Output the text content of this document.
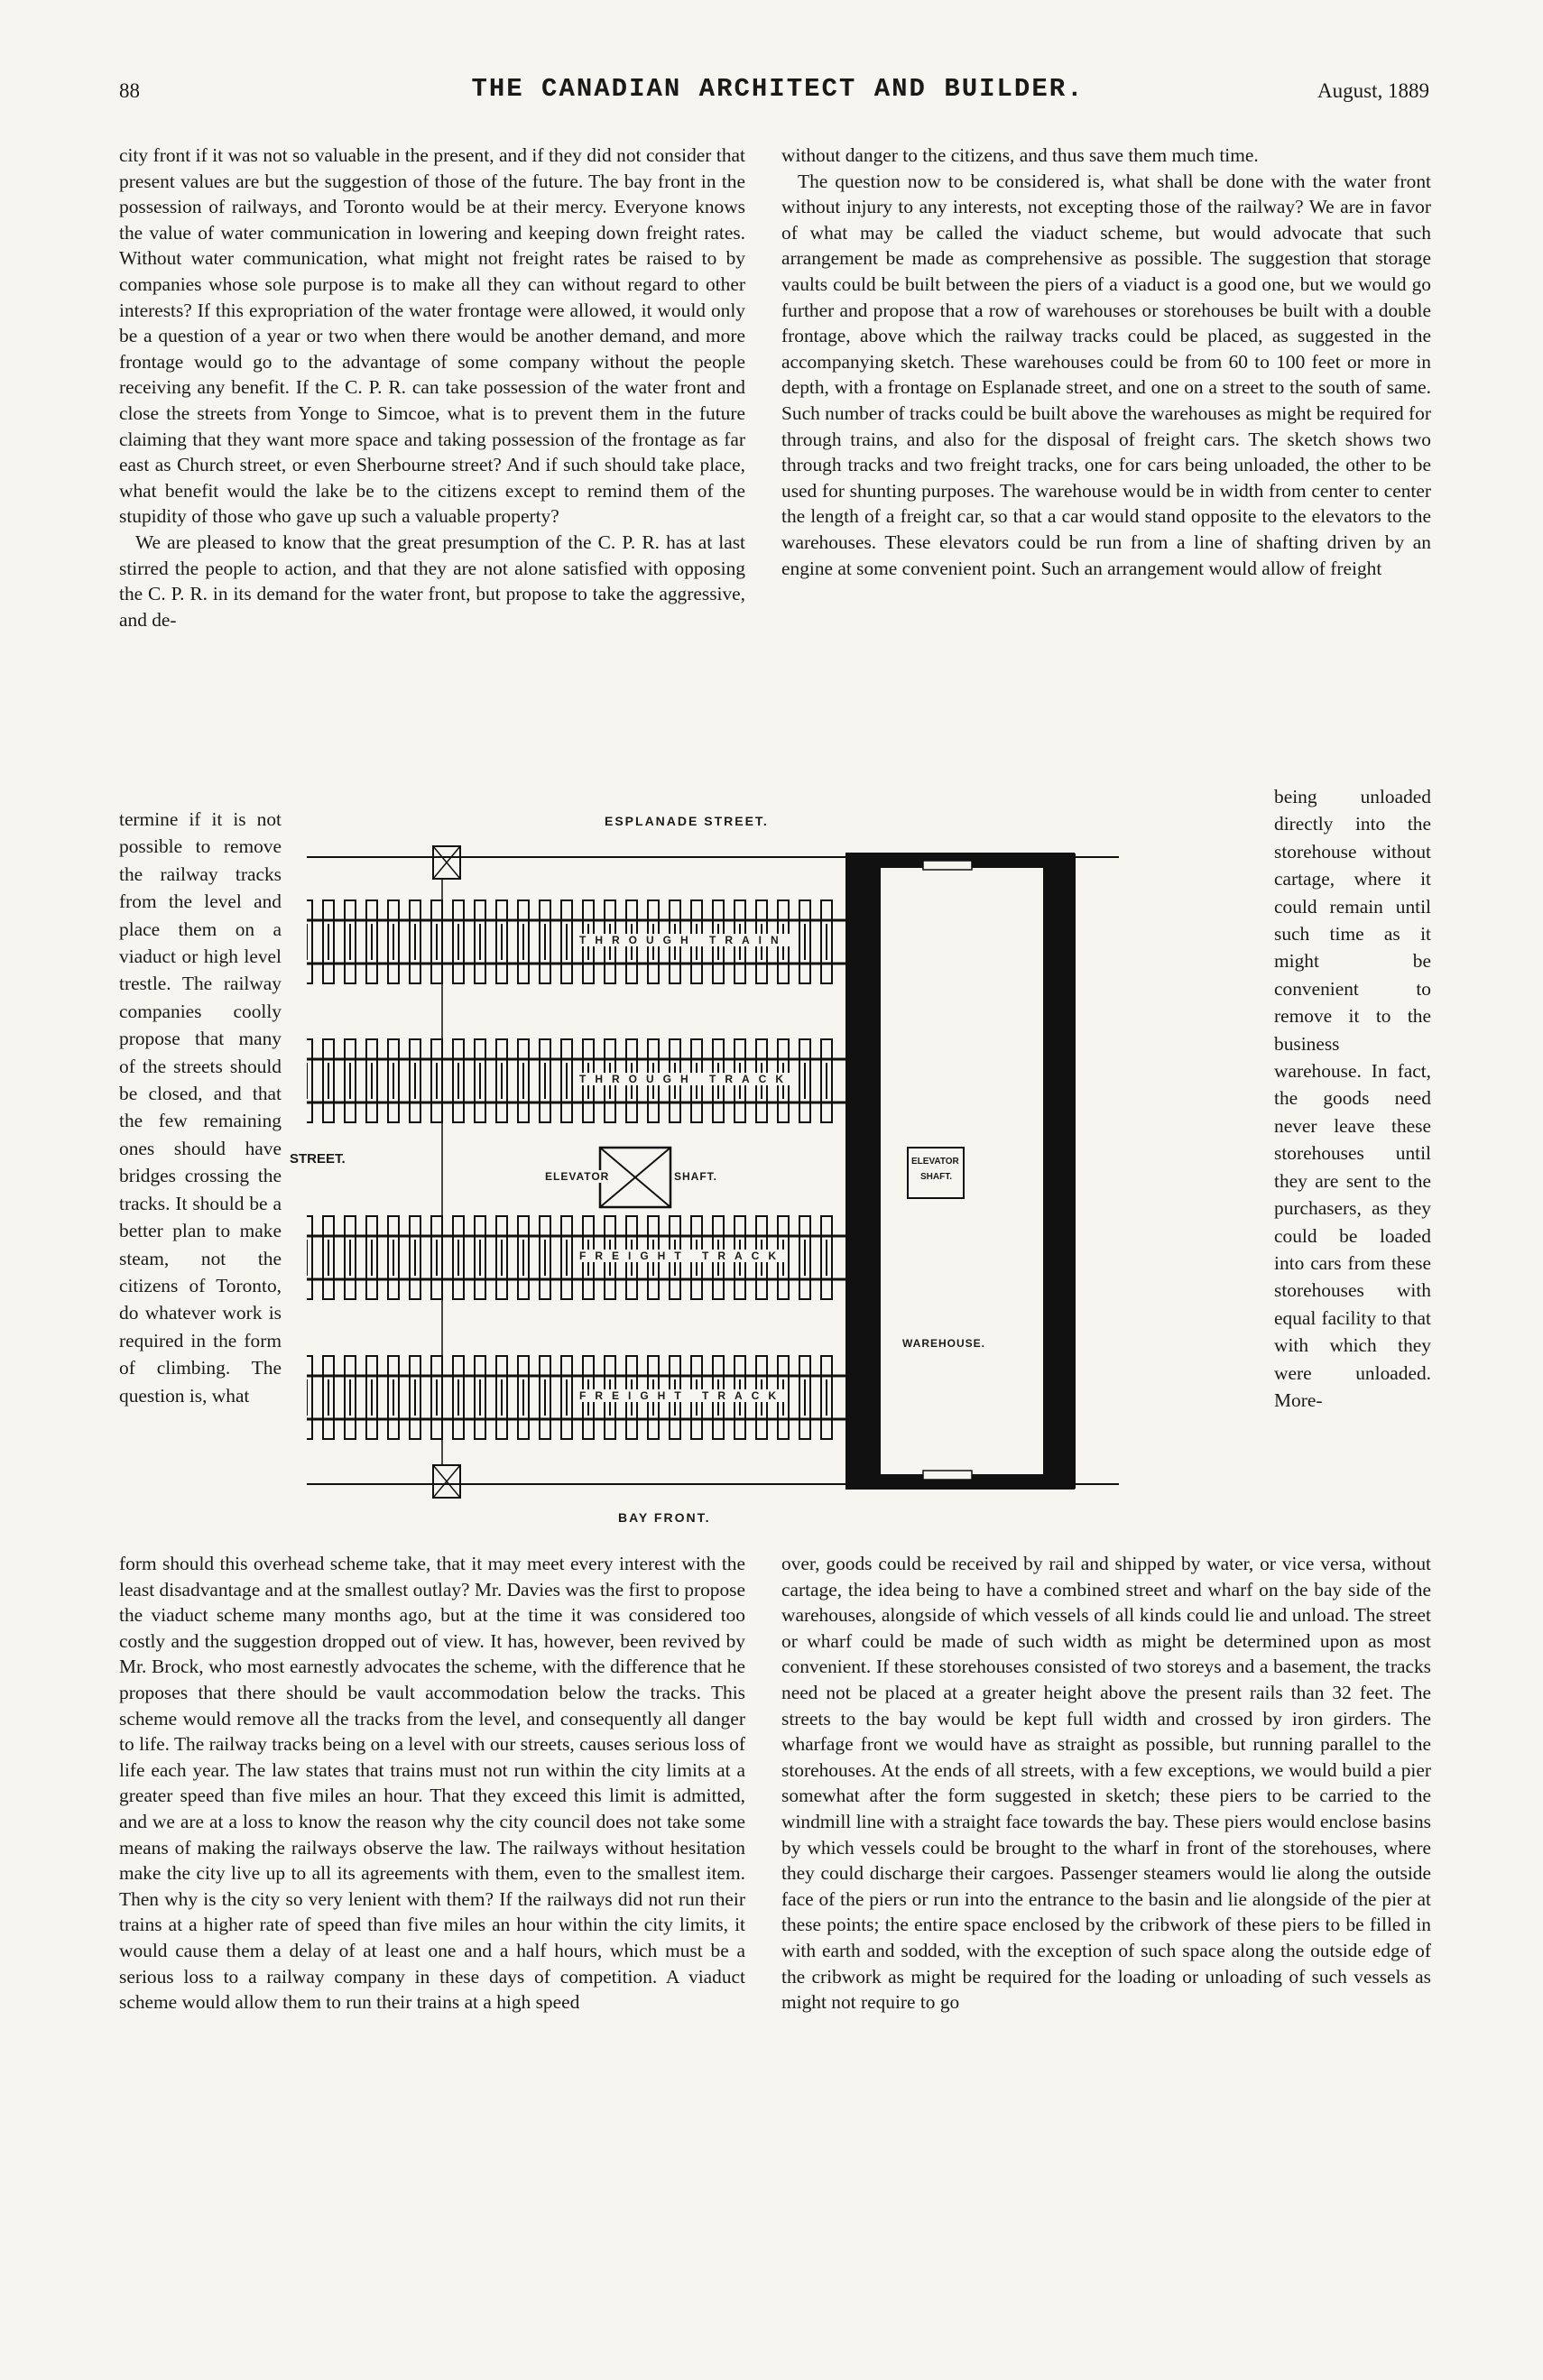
88	THE CANADIAN ARCHITECT AND BUILDER.	August, 1889

city front if it was not so valuable in the present, and if they did not consider that present values are but the suggestion of those of the future. The bay front in the possession of railways, and Toronto would be at their mercy. Everyone knows the value of water communication in lowering and keeping down freight rates. Without water communication, what might not freight rates be raised to by companies whose sole purpose is to make all they can without regard to other interests? If this expropriation of the water frontage were allowed, it would only be a question of a year or two when there would be another demand, and more frontage would go to the advantage of some company without the people receiving any benefit. If the C. P. R. can take possession of the water front and close the streets from Yonge to Simcoe, what is to prevent them in the future claiming that they want more space and taking possession of the frontage as far east as Church street, or even Sherbourne street? And if such should take place, what benefit would the lake be to the citizens except to remind them of the stupidity of those who gave up such a valuable property?

We are pleased to know that the great presumption of the C. P. R. has at last stirred the people to action, and that they are not alone satisfied with opposing the C. P. R. in its demand for the water front, but propose to take the aggressive, and de-

termine if it is not possible to remove the railway tracks from the level and place them on a viaduct or high level trestle. The railway companies coolly propose that many of the streets should be closed, and that the few remaining ones should have bridges crossing the tracks. It should be a better plan to make steam, not the citizens of Toronto, do whatever work is required in the form of climbing. The question is, what
STREET.

form should this overhead scheme take, that it may meet every interest with the least disadvantage and at the smallest outlay? Mr. Davies was the first to propose the viaduct scheme many months ago, but at the time it was considered too costly and the suggestion dropped out of view. It has, however, been revived by Mr. Brock, who most earnestly advocates the scheme, with the difference that he proposes that there should be vault accommodation below the tracks. This scheme would remove all the tracks from the level, and consequently all danger to life. The railway tracks being on a level with our streets, causes serious loss of life each year. The law states that trains must not run within the city limits at a greater speed than five miles an hour. That they exceed this limit is admitted, and we are at a loss to know the reason why the city council does not take some means of making the railways observe the law. The railways without hesitation make the city live up to all its agreements with them, even to the smallest item. Then why is the city so very lenient with them? If the railways did not run their trains at a higher rate of speed than five miles an hour within the city limits, it would cause them a delay of at least one and a half hours, which must be a serious loss to a railway company in these days of competition. A viaduct scheme would allow them to run their trains at a high speed

without danger to the citizens, and thus save them much time.

The question now to be considered is, what shall be done with the water front without injury to any interests, not excepting those of the railway? We are in favor of what may be called the viaduct scheme, but would advocate that such arrangement be made as comprehensive as possible. The suggestion that storage vaults could be built between the piers of a viaduct is a good one, but we would go further and propose that a row of warehouses or storehouses be built with a double frontage, above which the railway tracks could be placed, as suggested in the accompanying sketch. These warehouses could be from 60 to 100 feet or more in depth, with a frontage on Esplanade street, and one on a street to the south of same. Such number of tracks could be built above the warehouses as might be required for through trains, and also for the disposal of freight cars. The sketch shows two through tracks and two freight tracks, one for cars being unloaded, the other to be used for shunting purposes. The warehouse would be in width from center to center the length of a freight car, so that a car would stand opposite to the elevators to the warehouses. These elevators could be run from a line of shafting driven by an engine at some convenient point. Such an arrangement would allow of freight

being unloaded directly into the storehouse without cartage, where it could remain until such time as it might be convenient to remove it to the business warehouse. In fact, the goods need never leave these storehouses until they are sent to the purchasers, as they could be loaded into cars from these storehouses with equal facility to that with which they were unloaded. More-

over, goods could be received by rail and shipped by water, or vice versa, without cartage, the idea being to have a combined street and wharf on the bay side of the warehouses, alongside of which vessels of all kinds could lie and unload. The street or wharf could be made of such width as might be determined upon as most convenient. If these storehouses consisted of two storeys and a basement, the tracks need not be placed at a greater height above the present rails than 32 feet. The streets to the bay would be kept full width and crossed by iron girders. The wharfage front we would have as straight as possible, but running parallel to the storehouses. At the ends of all streets, with a few exceptions, we would build a pier somewhat after the form suggested in sketch; these piers to be carried to the windmill line with a straight face towards the bay. These piers would enclose basins by which vessels could be brought to the wharf in front of the storehouses, where they could discharge their cargoes. Passenger steamers would lie along the outside face of the piers or run into the entrance to the basin and lie alongside of the pier at these points; the entire space enclosed by the cribwork of these piers to be filled in with earth and sodded, with the exception of such space along the outside edge of the cribwork as might be required for the loading or unloading of such vessels as might not require to go

ESPLANADE STREET.
BAY FRONT.
ELEVATOR	SHAFT.
ELEVATOR
SHAFT.
WAREHOUSE.
THROUGH TRAIN
THROUGH TRACK
FREIGHT TRACK
FREIGHT TRACK
